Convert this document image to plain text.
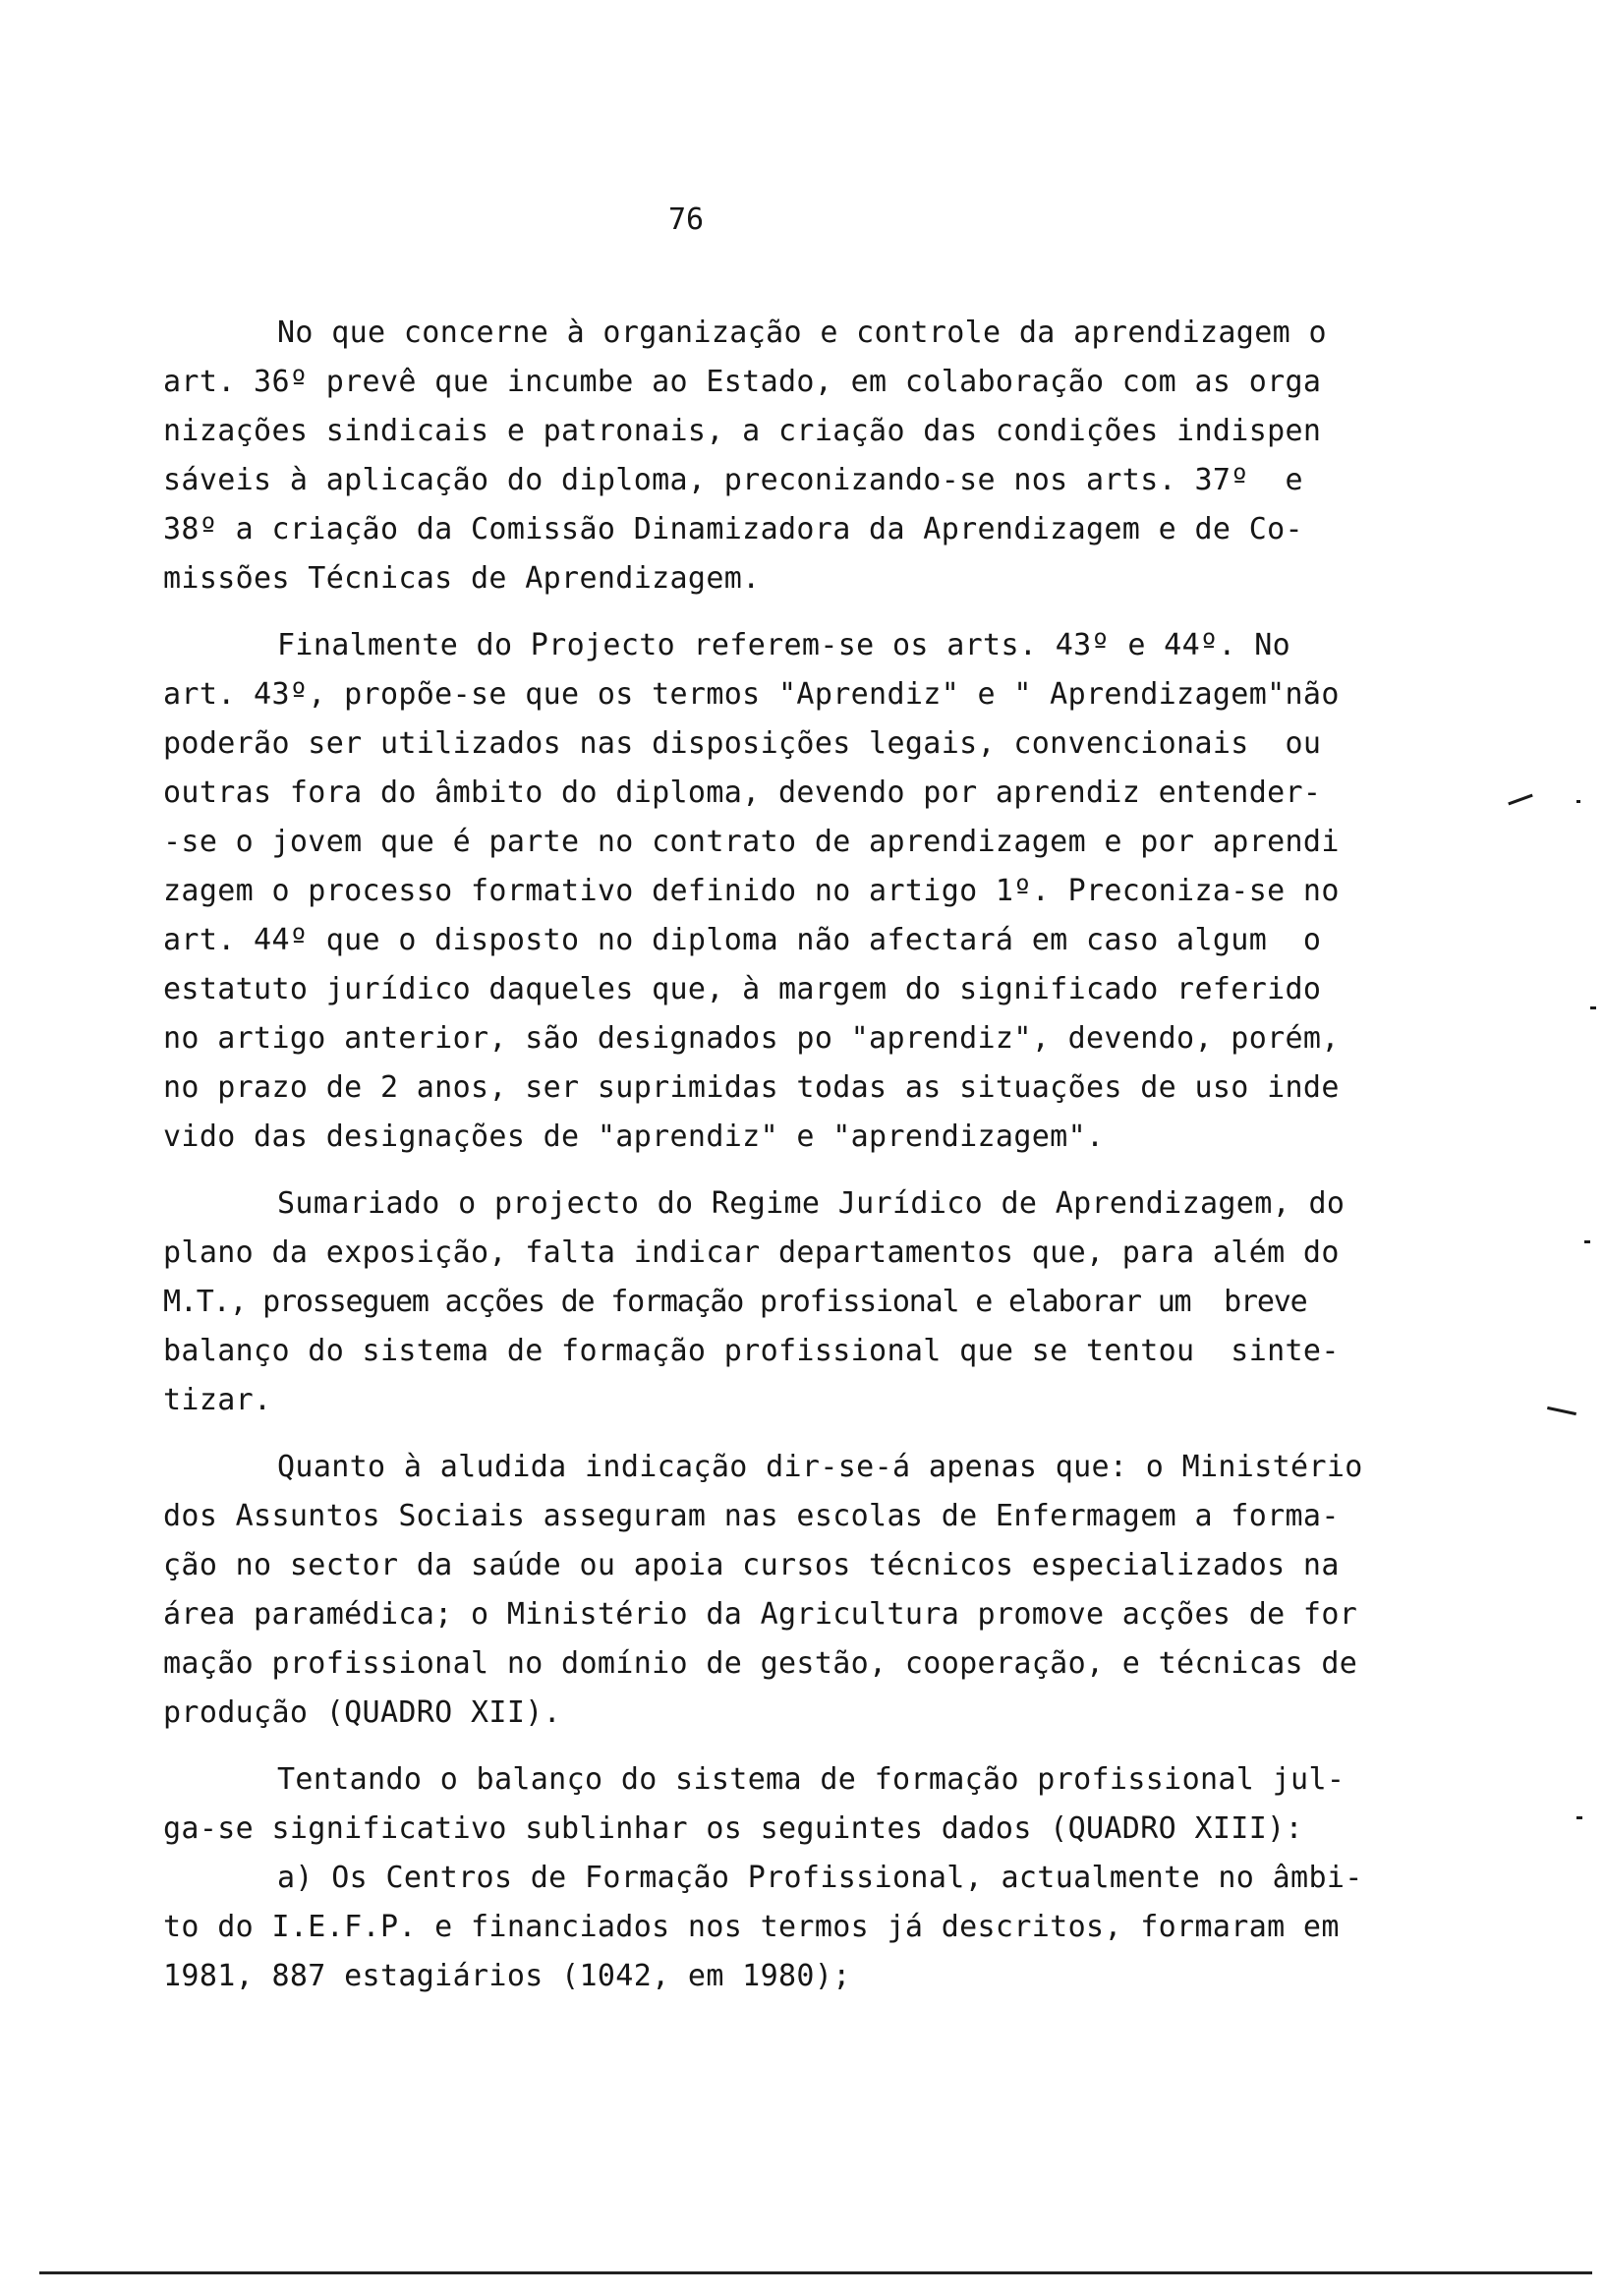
76
No que concerne à organização e controle da aprendizagem o
art. 36º prevê que incumbe ao Estado, em colaboração com as orga
nizações sindicais e patronais, a criação das condições indispen
sáveis à aplicação do diploma, preconizando-se nos arts. 37º  e
38º a criação da Comissão Dinamizadora da Aprendizagem e de Co-
missões Técnicas de Aprendizagem.
Finalmente do Projecto referem-se os arts. 43º e 44º. No
art. 43º, propõe-se que os termos "Aprendiz" e " Aprendizagem"não
poderão ser utilizados nas disposições legais, convencionais  ou
outras fora do âmbito do diploma, devendo por aprendiz entender-
-se o jovem que é parte no contrato de aprendizagem e por aprendi
zagem o processo formativo definido no artigo 1º. Preconiza-se no
art. 44º que o disposto no diploma não afectará em caso algum  o
estatuto jurídico daqueles que, à margem do significado referido
no artigo anterior, são designados po "aprendiz", devendo, porém,
no prazo de 2 anos, ser suprimidas todas as situações de uso inde
vido das designações de "aprendiz" e "aprendizagem".
Sumariado o projecto do Regime Jurídico de Aprendizagem, do
plano da exposição, falta indicar departamentos que, para além do
M.T., prosseguem acções de formação profissional e elaborar um  breve
balanço do sistema de formação profissional que se tentou  sinte-
tizar.
Quanto à aludida indicação dir-se-á apenas que: o Ministério
dos Assuntos Sociais asseguram nas escolas de Enfermagem a forma-
ção no sector da saúde ou apoia cursos técnicos especializados na
área paramédica; o Ministério da Agricultura promove acções de for
mação profissional no domínio de gestão, cooperação, e técnicas de
produção (QUADRO XII).
Tentando o balanço do sistema de formação profissional jul-
ga-se significativo sublinhar os seguintes dados (QUADRO XIII):
a) Os Centros de Formação Profissional, actualmente no âmbi-
to do I.E.F.P. e financiados nos termos já descritos, formaram em
1981, 887 estagiários (1042, em 1980);
